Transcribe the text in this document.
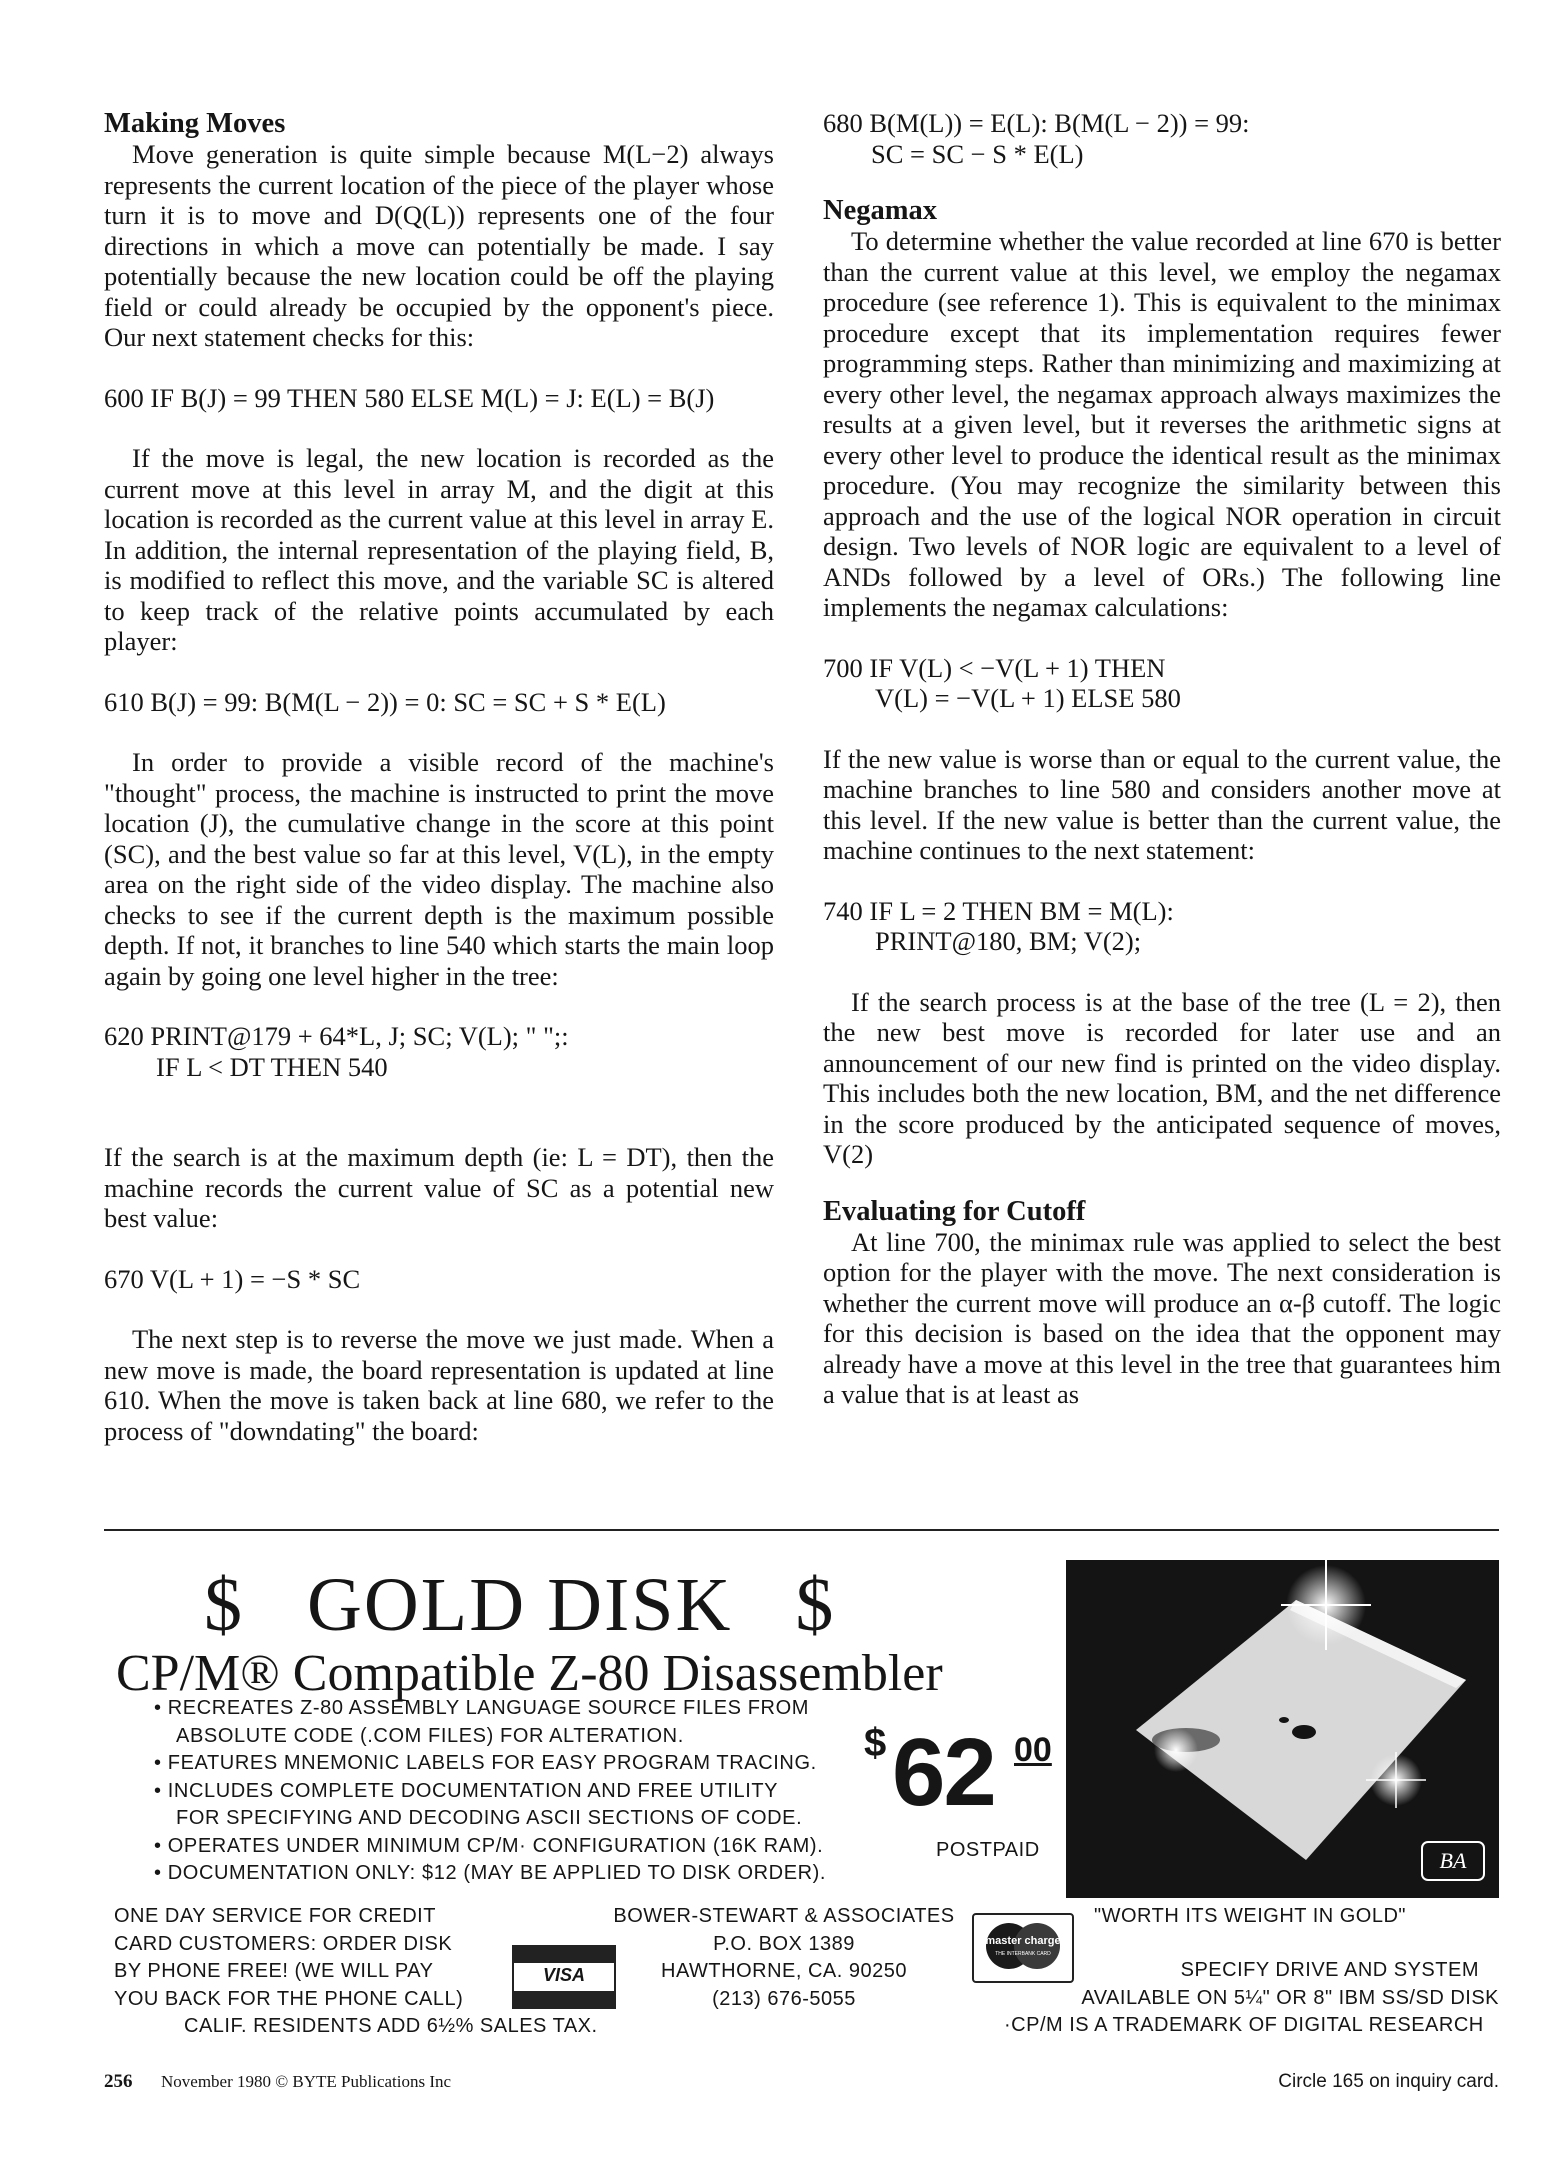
Making Moves

Move generation is quite simple because M(L−2) always represents the current location of the piece of the player whose turn it is to move and D(Q(L)) represents one of the four directions in which a move can potentially be made. I say potentially because the new location could be off the playing field or could already be occupied by the opponent's piece. Our next statement checks for this:

600 IF B(J) = 99 THEN 580 ELSE M(L) = J: E(L) = B(J)

If the move is legal, the new location is recorded as the current move at this level in array M, and the digit at this location is recorded as the current value at this level in array E. In addition, the internal representation of the playing field, B, is modified to reflect this move, and the variable SC is altered to keep track of the relative points accumulated by each player:

610 B(J) = 99: B(M(L − 2)) = 0: SC = SC + S * E(L)

In order to provide a visible record of the machine's "thought" process, the machine is instructed to print the move location (J), the cumulative change in the score at this point (SC), and the best value so far at this level, V(L), in the empty area on the right side of the video display. The machine also checks to see if the current depth is the maximum possible depth. If not, it branches to line 540 which starts the main loop again by going one level higher in the tree:

620 PRINT@179 + 64*L, J; SC; V(L); " ";:

IF L < DT THEN 540

If the search is at the maximum depth (ie: L = DT), then the machine records the current value of SC as a potential new best value:

670 V(L + 1) = −S * SC

The next step is to reverse the move we just made. When a new move is made, the board representation is updated at line 610. When the move is taken back at line 680, we refer to the process of "downdating" the board:

680 B(M(L)) = E(L): B(M(L − 2)) = 99:

SC = SC − S * E(L)

Negamax

To determine whether the value recorded at line 670 is better than the current value at this level, we employ the negamax procedure (see reference 1). This is equivalent to the minimax procedure except that its implementation requires fewer programming steps. Rather than minimizing and maximizing at every other level, the negamax approach always maximizes the results at a given level, but it reverses the arithmetic signs at every other level to produce the identical result as the minimax procedure. (You may recognize the similarity between this approach and the use of the logical NOR operation in circuit design. Two levels of NOR logic are equivalent to a level of ANDs followed by a level of ORs.) The following line implements the negamax calculations:

700 IF V(L) < −V(L + 1) THEN

V(L) = −V(L + 1) ELSE 580

If the new value is worse than or equal to the current value, the machine branches to line 580 and considers another move at this level. If the new value is better than the current value, the machine continues to the next statement:

740 IF L = 2 THEN BM = M(L):

PRINT@180, BM; V(2);

If the search process is at the base of the tree (L = 2), then the new best move is recorded for later use and an announcement of our new find is printed on the video display. This includes both the new location, BM, and the net difference in the score produced by the anticipated sequence of moves, V(2)

Evaluating for Cutoff

At line 700, the minimax rule was applied to select the best option for the player with the move. The next consideration is whether the current move will produce an α-β cutoff. The logic for this decision is based on the idea that the opponent may already have a move at this level in the tree that guarantees him a value that is at least as

$   GOLD DISK   $
CP/M® Compatible Z-80 Disassembler
• RECREATES Z-80 ASSEMBLY LANGUAGE SOURCE FILES FROM
ABSOLUTE CODE (.COM FILES) FOR ALTERATION.
• FEATURES MNEMONIC LABELS FOR EASY PROGRAM TRACING.
• INCLUDES COMPLETE DOCUMENTATION AND FREE UTILITY
FOR SPECIFYING AND DECODING ASCII SECTIONS OF CODE.
• OPERATES UNDER MINIMUM CP/M· CONFIGURATION (16K RAM).
• DOCUMENTATION ONLY: $12 (MAY BE APPLIED TO DISK ORDER).
$ 62 00
POSTPAID	BA
ONE DAY SERVICE FOR CREDIT
CARD CUSTOMERS: ORDER DISK
BY PHONE FREE! (WE WILL PAY
YOU BACK FOR THE PHONE CALL)
CALIF. RESIDENTS ADD 6½% SALES TAX.
VISA
BOWER-STEWART & ASSOCIATES
P.O. BOX 1389
HAWTHORNE, CA. 90250
(213) 676-5055
master charge
THE INTERBANK CARD
"WORTH ITS WEIGHT IN GOLD"
SPECIFY DRIVE AND SYSTEM
AVAILABLE ON 5¼" OR 8" IBM SS/SD DISK
·CP/M IS A TRADEMARK OF DIGITAL RESEARCH
256 November 1980 © BYTE Publications Inc	Circle 165 on inquiry card.
